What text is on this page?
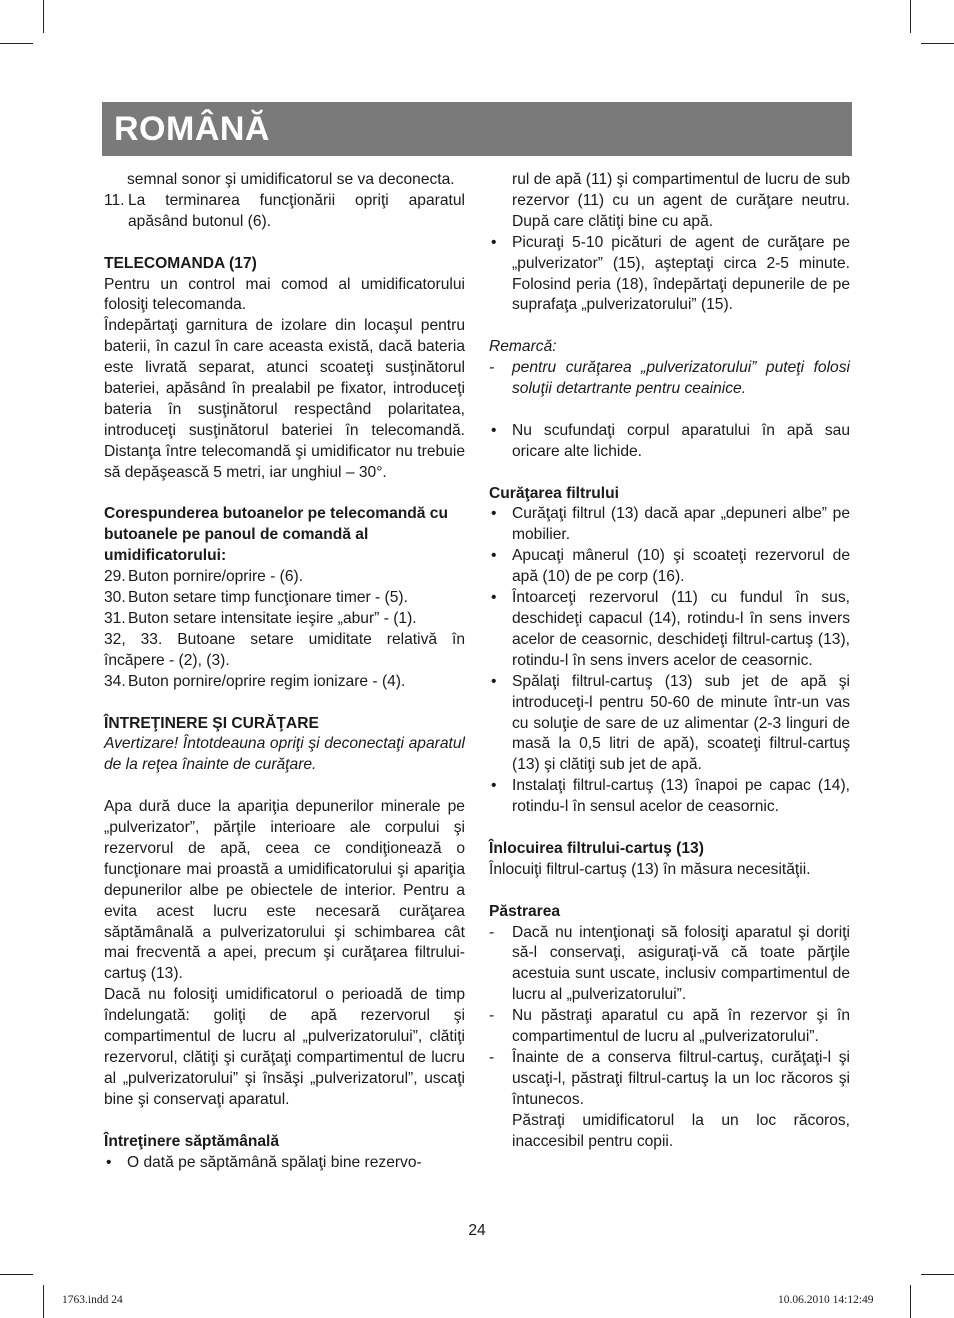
ROMÂNĂ

semnal sonor şi umidificatorul se va deconecta.

11. La terminarea funcţionării opriţi aparatul apăsând butonul (6).

TELECOMANDA (17)

Pentru un control mai comod al umidificatorului folosiţi telecomanda.

Îndepărtaţi garnitura de izolare din locaşul pentru baterii, în cazul în care aceasta există, dacă bateria este livrată separat, atunci scoateţi susţinătorul bateriei, apăsând în prealabil pe fixator, introduceţi bateria în susţinătorul respectând polaritatea, introduceţi susţinătorul bateriei în telecomandă. Distanţa între telecomandă şi umidificator nu trebuie să depăşească 5 metri, iar unghiul – 30°.

Corespunderea butoanelor pe telecomandă cu butoanele pe panoul de comandă al umidificatorului:

29. Buton pornire/oprire - (6).

30. Buton setare timp funcţionare timer - (5).

31. Buton setare intensitate ieşire „abur” - (1).

32, 33. Butoane setare umiditate relativă în încăpere - (2), (3).

34. Buton pornire/oprire regim ionizare - (4).

ÎNTREŢINERE ŞI CURĂŢARE

Avertizare! Întotdeauna opriţi şi deconectaţi aparatul de la reţea înainte de curăţare.

Apa dură duce la apariţia depunerilor minerale pe „pulverizator”, părţile interioare ale corpului şi rezervorul de apă, ceea ce condiţionează o funcţionare mai proastă a umidificatorului şi apariţia depunerilor albe pe obiectele de interior. Pentru a evita acest lucru este necesară curăţarea săptămânală a pulverizatorului şi schimbarea cât mai frecventă a apei, precum şi curăţarea filtrului-cartuş (13).

Dacă nu folosiţi umidificatorul o perioadă de timp îndelungată: goliţi de apă rezervorul şi compartimentul de lucru al „pulverizatorului”, clătiţi rezervorul, clătiţi şi curăţaţi compartimentul de lucru al „pulverizatorului” şi însăşi „pulverizatorul”, uscaţi bine şi conservaţi aparatul.

Întreţinere săptămânală

• O dată pe săptămână spălaţi bine rezervo-

rul de apă (11) şi compartimentul de lucru de sub rezervor (11) cu un agent de curăţare neutru. După care clătiţi bine cu apă.

• Picuraţi 5-10 picături de agent de curăţare pe „pulverizator” (15), aşteptaţi circa 2-5 minute. Folosind peria (18), îndepărtaţi depunerile de pe suprafaţa „pulverizatorului” (15).

Remarcă:

- pentru curăţarea „pulverizatorului” puteţi folosi soluţii detartrante pentru ceainice.

• Nu scufundaţi corpul aparatului în apă sau oricare alte lichide.

Curăţarea filtrului

• Curăţaţi filtrul (13) dacă apar „depuneri albe” pe mobilier.

• Apucaţi mânerul (10) şi scoateţi rezervorul de apă (10) de pe corp (16).

• Întoarceţi rezervorul (11) cu fundul în sus, deschideţi capacul (14), rotindu-l în sens invers acelor de ceasornic, deschideţi filtrul-cartuş (13), rotindu-l în sens invers acelor de ceasornic.

• Spălaţi filtrul-cartuş (13) sub jet de apă şi introduceţi-l pentru 50-60 de minute într-un vas cu soluţie de sare de uz alimentar (2-3 linguri de masă la 0,5 litri de apă), scoateţi filtrul-cartuş (13) şi clătiţi sub jet de apă.

• Instalaţi filtrul-cartuş (13) înapoi pe capac (14), rotindu-l în sensul acelor de ceasornic.

Înlocuirea filtrului-cartuş (13)

Înlocuiţi filtrul-cartuş (13) în măsura necesităţii.

Păstrarea

- Dacă nu intenţionaţi să folosiţi aparatul şi doriţi să-l conservaţi, asiguraţi-vă că toate părţile acestuia sunt uscate, inclusiv compartimentul de lucru al „pulverizatorului”.

- Nu păstraţi aparatul cu apă în rezervor şi în compartimentul de lucru al „pulverizatorului”.

- Înainte de a conserva filtrul-cartuş, curăţaţi-l şi uscaţi-l, păstraţi filtrul-cartuş la un loc răcoros şi întunecos.

Păstraţi umidificatorul la un loc răcoros, inaccesibil pentru copii.

24
1763.indd 24	10.06.2010 14:12:49
